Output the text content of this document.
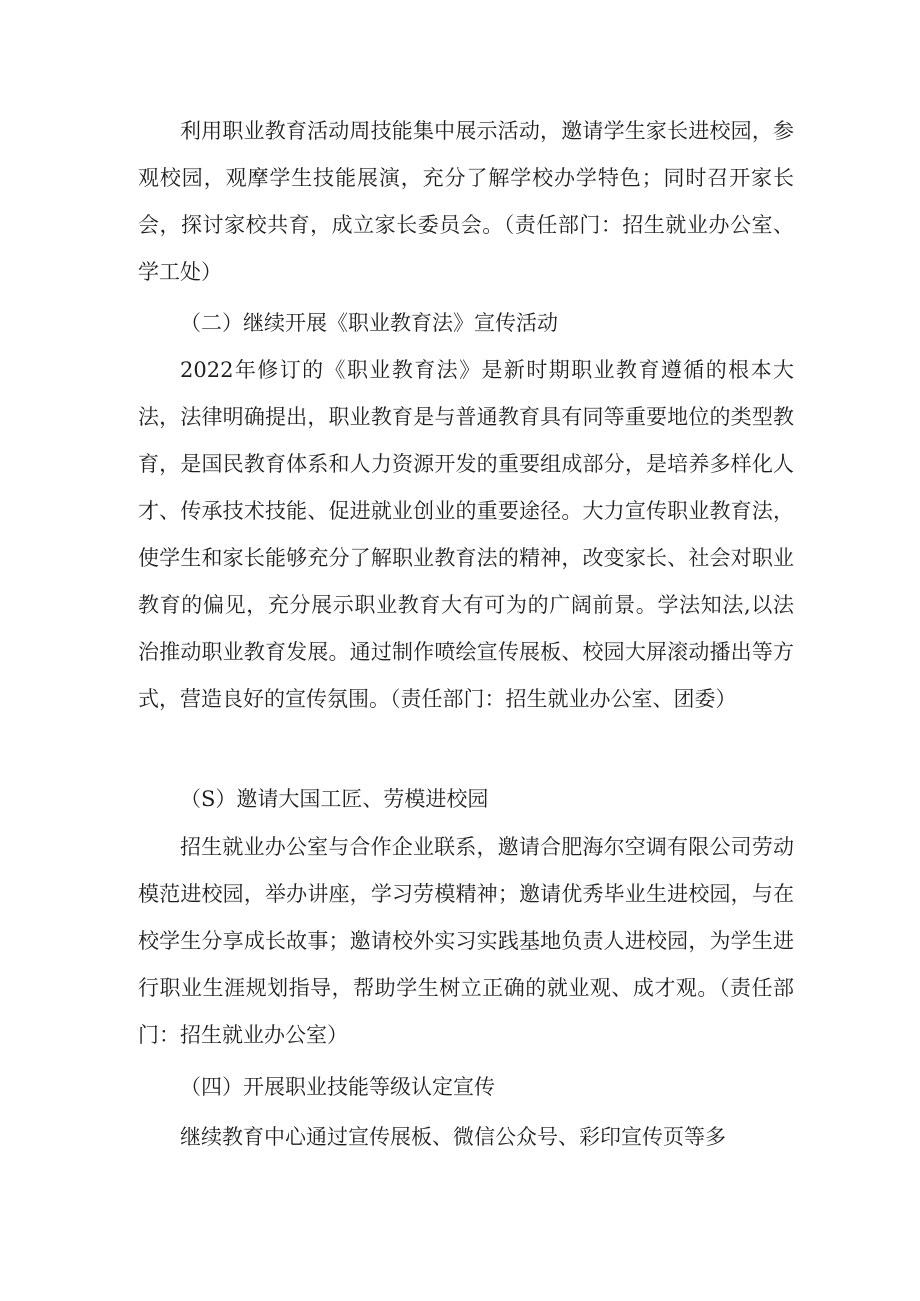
利用职业教育活动周技能集中展示活动，邀请学生家长进校园，参观校园，观摩学生技能展演，充分了解学校办学特色；同时召开家长会，探讨家校共育，成立家长委员会。（责任部门：招生就业办公室、学工处）

（二）继续开展《职业教育法》宣传活动

2022年修订的《职业教育法》是新时期职业教育遵循的根本大法，法律明确提出，职业教育是与普通教育具有同等重要地位的类型教育，是国民教育体系和人力资源开发的重要组成部分，是培养多样化人才、传承技术技能、促进就业创业的重要途径。大力宣传职业教育法，使学生和家长能够充分了解职业教育法的精神，改变家长、社会对职业教育的偏见，充分展示职业教育大有可为的广阔前景。学法知法,以法治推动职业教育发展。通过制作喷绘宣传展板、校园大屏滚动播出等方式，营造良好的宣传氛围。（责任部门：招生就业办公室、团委）

（S）邀请大国工匠、劳模进校园

招生就业办公室与合作企业联系，邀请合肥海尔空调有限公司劳动模范进校园，举办讲座，学习劳模精神；邀请优秀毕业生进校园，与在校学生分享成长故事；邀请校外实习实践基地负责人进校园，为学生进行职业生涯规划指导，帮助学生树立正确的就业观、成才观。（责任部门：招生就业办公室）

（四）开展职业技能等级认定宣传

继续教育中心通过宣传展板、微信公众号、彩印宣传页等多
